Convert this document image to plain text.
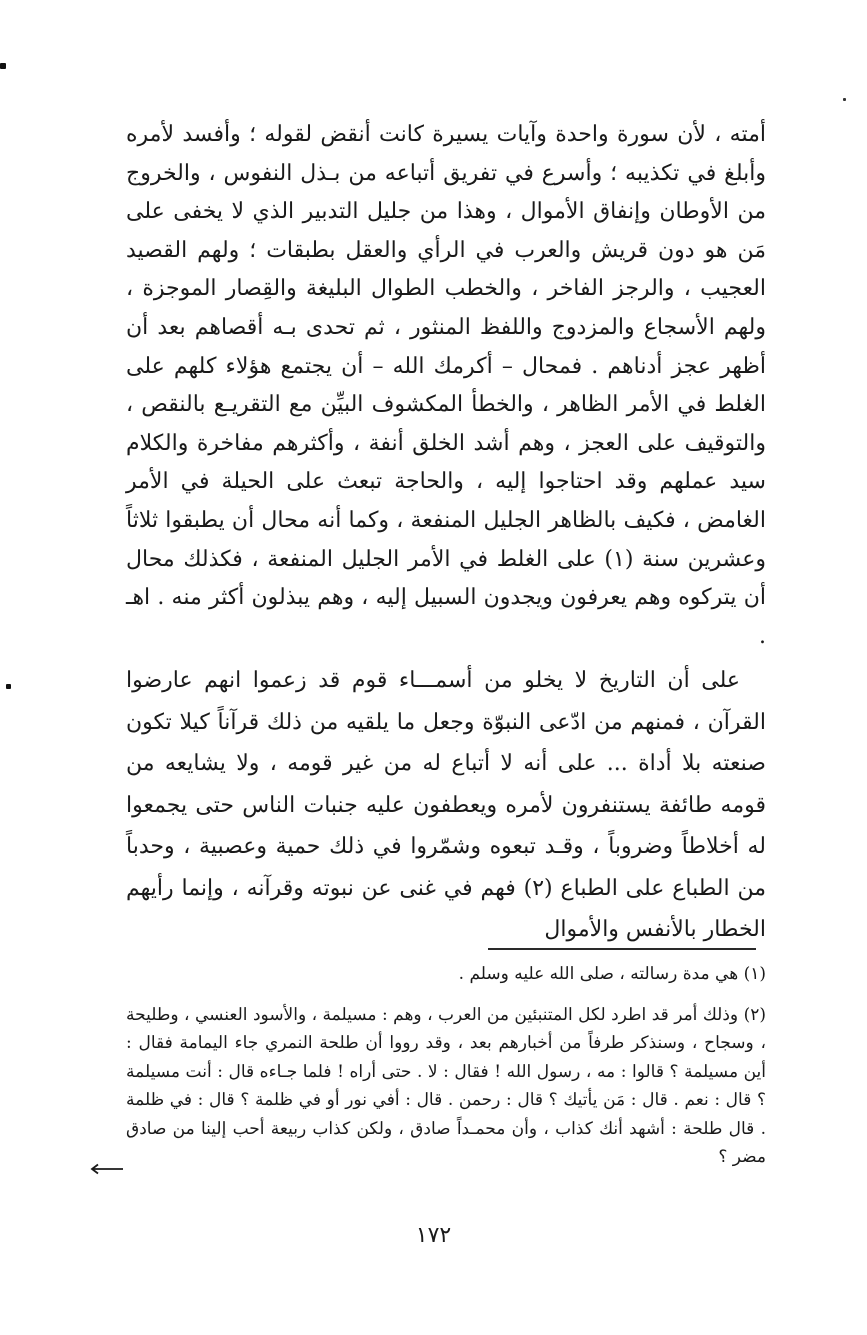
أمته ، لأن سورة واحدة وآيات يسيرة كانت أنقض لقوله ؛ وأفسد لأمره وأبلغ في تكذيبه ؛ وأسرع في تفريق أتباعه من بـذل النفوس ، والخروج من الأوطان وإنفاق الأموال ، وهذا من جليل التدبير الذي لا يخفى على مَن هو دون قريش والعرب في الرأي والعقل بطبقات ؛ ولهم القصيد العجيب ، والرجز الفاخر ، والخطب الطوال البليغة والقِصار الموجزة ، ولهم الأسجاع والمزدوج واللفظ المنثور ، ثم تحدى بـه أقصاهم بعد أن أظهر عجز أدناهم . فمحال – أكرمك الله – أن يجتمع هؤلاء كلهم على الغلط في الأمر الظاهر ، والخطأ المكشوف البيِّن مع التقريـع بالنقص ، والتوقيف على العجز ، وهم أشد الخلق أنفة ، وأكثرهم مفاخرة والكلام سيد عملهم وقد احتاجوا إليه ، والحاجة تبعث على الحيلة في الأمر الغامض ، فكيف بالظاهر الجليل المنفعة ، وكما أنه محال أن يطبقوا ثلاثاً وعشرين سنة (١) على الغلط في الأمر الجليل المنفعة ، فكذلك محال أن يتركوه وهم يعرفون ويجدون السبيل إليه ، وهم يبذلون أكثر منه . اهـ .

على أن التاريخ لا يخلو من أسمـــاء قوم قد زعموا انهم عارضوا القرآن ، فمنهم من ادّعى النبوّة وجعل ما يلقيه من ذلك قرآناً كيلا تكون صنعته بلا أداة ... على أنه لا أتباع له من غير قومه ، ولا يشايعه من قومه طائفة يستنفرون لأمره ويعطفون عليه جنبات الناس حتى يجمعوا له أخلاطاً وضروباً ، وقـد تبعوه وشمّروا في ذلك حمية وعصبية ، وحدباً من الطباع على الطباع (٢) فهم في غنى عن نبوته وقرآنه ، وإنما رأيهم الخطار بالأنفس والأموال

(١) هي مدة رسالته ، صلى الله عليه وسلم .

(٢) وذلك أمر قد اطرد لكل المتنبئين من العرب ، وهم : مسيلمة ، والأسود العنسي ، وطليحة ، وسجاح ، وسنذكر طرفاً من أخبارهم بعد ، وقد رووا أن طلحة النمري جاء اليمامة فقال : أين مسيلمة ؟ قالوا : مه ، رسول الله ! فقال : لا . حتى أراه ! فلما جـاءه قال : أنت مسيلمة ؟ قال : نعم . قال : مَن يأتيك ؟ قال : رحمن . قال : أفي نور أو في ظلمة ؟ قال : في ظلمة . قال طلحة : أشهد أنك كذاب ، وأن محمـداً صادق ، ولكن كذاب ربيعة أحب إلينا من صادق مضر ؟

١٧٢
